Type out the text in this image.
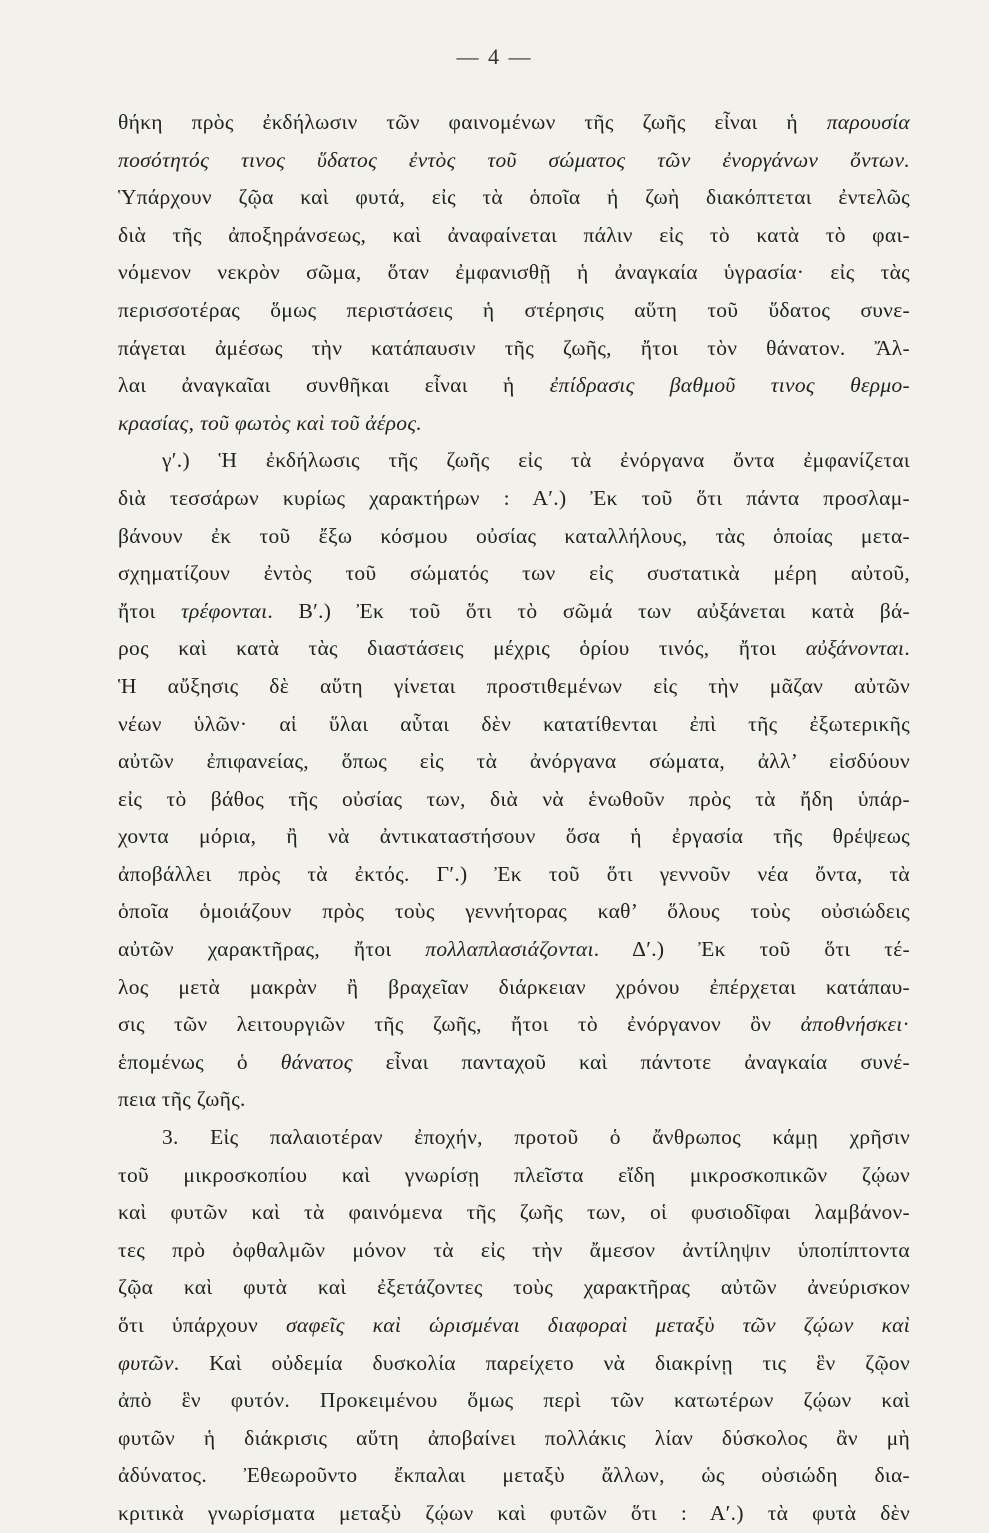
— 4 —
θήκη πρὸς ἐκδήλωσιν τῶν φαινομένων τῆς ζωῆς εἶναι ἡ παρουσία
ποσότητός τινος ὕδατος ἐντὸς τοῦ σώματος τῶν ἐνοργάνων ὄντων.
Ὑπάρχουν ζῷα καὶ φυτά, εἰς τὰ ὁποῖα ἡ ζωὴ διακόπτεται ἐντελῶς
διὰ τῆς ἀποξηράνσεως, καὶ ἀναφαίνεται πάλιν εἰς τὸ κατὰ τὸ φαι-
νόμενον νεκρὸν σῶμα, ὅταν ἐμφανισθῇ ἡ ἀναγκαία ὑγρασία· εἰς τὰς
περισσοτέρας ὅμως περιστάσεις ἡ στέρησις αὕτη τοῦ ὕδατος συνε-
πάγεται ἀμέσως τὴν κατάπαυσιν τῆς ζωῆς, ἤτοι τὸν θάνατον. Ἄλ-
λαι ἀναγκαῖαι συνθῆκαι εἶναι ἡ ἐπίδρασις βαθμοῦ τινος θερμο-
κρασίας, τοῦ φωτὸς καὶ τοῦ ἀέρος.
γ′.) Ἡ ἐκδήλωσις τῆς ζωῆς εἰς τὰ ἐνόργανα ὄντα ἐμφανίζεται
διὰ τεσσάρων κυρίως χαρακτήρων : Α′.) Ἐκ τοῦ ὅτι πάντα προσλαμ-
βάνουν ἐκ τοῦ ἔξω κόσμου οὐσίας καταλλήλους, τὰς ὁποίας μετα-
σχηματίζουν ἐντὸς τοῦ σώματός των εἰς συστατικὰ μέρη αὐτοῦ,
ἤτοι τρέφονται. Β′.) Ἐκ τοῦ ὅτι τὸ σῶμά των αὐξάνεται κατὰ βά-
ρος καὶ κατὰ τὰς διαστάσεις μέχρις ὁρίου τινός, ἤτοι αὐξάνονται.
Ἡ αὔξησις δὲ αὕτη γίνεται προστιθεμένων εἰς τὴν μᾶζαν αὐτῶν
νέων ὑλῶν· αἱ ὕλαι αὗται δὲν κατατίθενται ἐπὶ τῆς ἐξωτερικῆς
αὐτῶν ἐπιφανείας, ὅπως εἰς τὰ ἀνόργανα σώματα, ἀλλ’ εἰσδύουν
εἰς τὸ βάθος τῆς οὐσίας των, διὰ νὰ ἑνωθοῦν πρὸς τὰ ἤδη ὑπάρ-
χοντα μόρια, ἢ νὰ ἀντικαταστήσουν ὅσα ἡ ἐργασία τῆς θρέψεως
ἀποβάλλει πρὸς τὰ ἐκτός. Γ′.) Ἐκ τοῦ ὅτι γεννοῦν νέα ὄντα, τὰ
ὁποῖα ὁμοιάζουν πρὸς τοὺς γεννήτορας καθ’ ὅλους τοὺς οὐσιώδεις
αὐτῶν χαρακτῆρας, ἤτοι πολλαπλασιάζονται. Δ′.) Ἐκ τοῦ ὅτι τέ-
λος μετὰ μακρὰν ἢ βραχεῖαν διάρκειαν χρόνου ἐπέρχεται κατάπαυ-
σις τῶν λειτουργιῶν τῆς ζωῆς, ἤτοι τὸ ἐνόργανον ὂν ἀποθνήσκει·
ἑπομένως ὁ θάνατος εἶναι πανταχοῦ καὶ πάντοτε ἀναγκαία συνέ-
πεια τῆς ζωῆς.
3. Εἰς παλαιοτέραν ἐποχήν, προτοῦ ὁ ἄνθρωπος κάμῃ χρῆσιν
τοῦ μικροσκοπίου καὶ γνωρίσῃ πλεῖστα εἴδη μικροσκοπικῶν ζῴων
καὶ φυτῶν καὶ τὰ φαινόμενα τῆς ζωῆς των, οἱ φυσιοδῖφαι λαμβάνον-
τες πρὸ ὀφθαλμῶν μόνον τὰ εἰς τὴν ἄμεσον ἀντίληψιν ὑποπίπτοντα
ζῷα καὶ φυτὰ καὶ ἐξετάζοντες τοὺς χαρακτῆρας αὐτῶν ἀνεύρισκον
ὅτι ὑπάρχουν σαφεῖς καὶ ὡρισμέναι διαφοραὶ μεταξὺ τῶν ζῴων καὶ
φυτῶν. Καὶ οὐδεμία δυσκολία παρείχετο νὰ διακρίνῃ τις ἓν ζῷον
ἀπὸ ἓν φυτόν. Προκειμένου ὅμως περὶ τῶν κατωτέρων ζῴων καὶ
φυτῶν ἡ διάκρισις αὕτη ἀποβαίνει πολλάκις λίαν δύσκολος ἂν μὴ
ἀδύνατος. Ἐθεωροῦντο ἔκπαλαι μεταξὺ ἄλλων, ὡς οὐσιώδη δια-
κριτικὰ γνωρίσματα μεταξὺ ζῴων καὶ φυτῶν ὅτι : Α′.) τὰ φυτὰ δὲν
